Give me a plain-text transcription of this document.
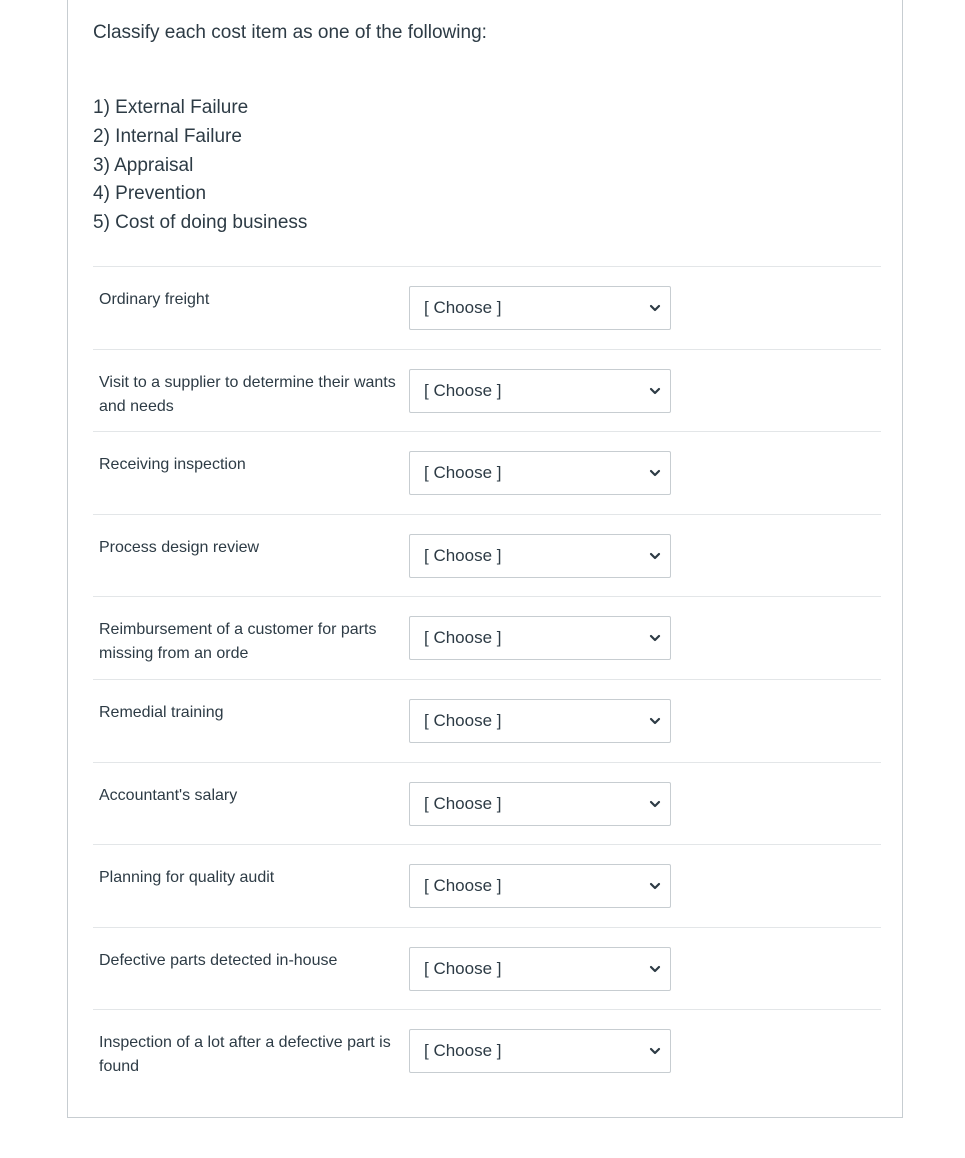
Classify each cost item as one of the following:
1) External Failure
2) Internal Failure
3) Appraisal
4) Prevention
5) Cost of doing business
Ordinary freight	[ Choose ]
Visit to a supplier to determine their wants and needs
[ Choose ]
Receiving inspection	[ Choose ]
Process design review	[ Choose ]
Reimbursement of a customer for parts missing from an orde
[ Choose ]
Remedial training	[ Choose ]
Accountant's salary	[ Choose ]
Planning for quality audit	[ Choose ]
Defective parts detected in-house	[ Choose ]
Inspection of a lot after a defective part is found
[ Choose ]
